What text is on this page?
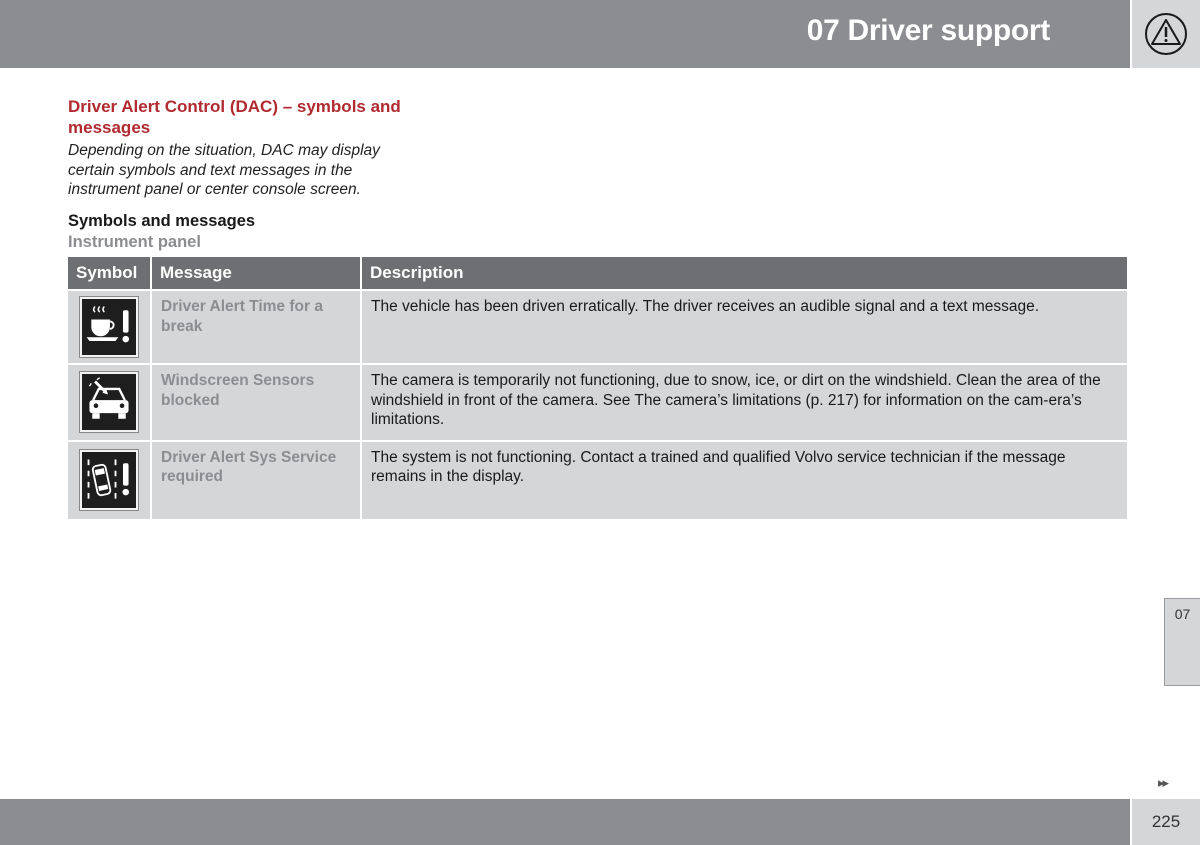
07 Driver support
Driver Alert Control (DAC) – symbols and messages

Depending on the situation, DAC may display certain symbols and text messages in the instrument panel or center console screen.

Symbols and messages
Instrument panel
Symbol	Message	Description

	Driver Alert Time for a break	The vehicle has been driven erratically. The driver receives an audible signal and a text message.

	Windscreen Sensors blocked	The camera is temporarily not functioning, due to snow, ice, or dirt on the windshield. Clean the area of the windshield in front of the camera. See The camera’s limitations (p. 217) for information on the cam-era’s limitations.

	Driver Alert Sys Service required	The system is not functioning. Contact a trained and qualified Volvo service technician if the message remains in the display.
07
▸▸
225
